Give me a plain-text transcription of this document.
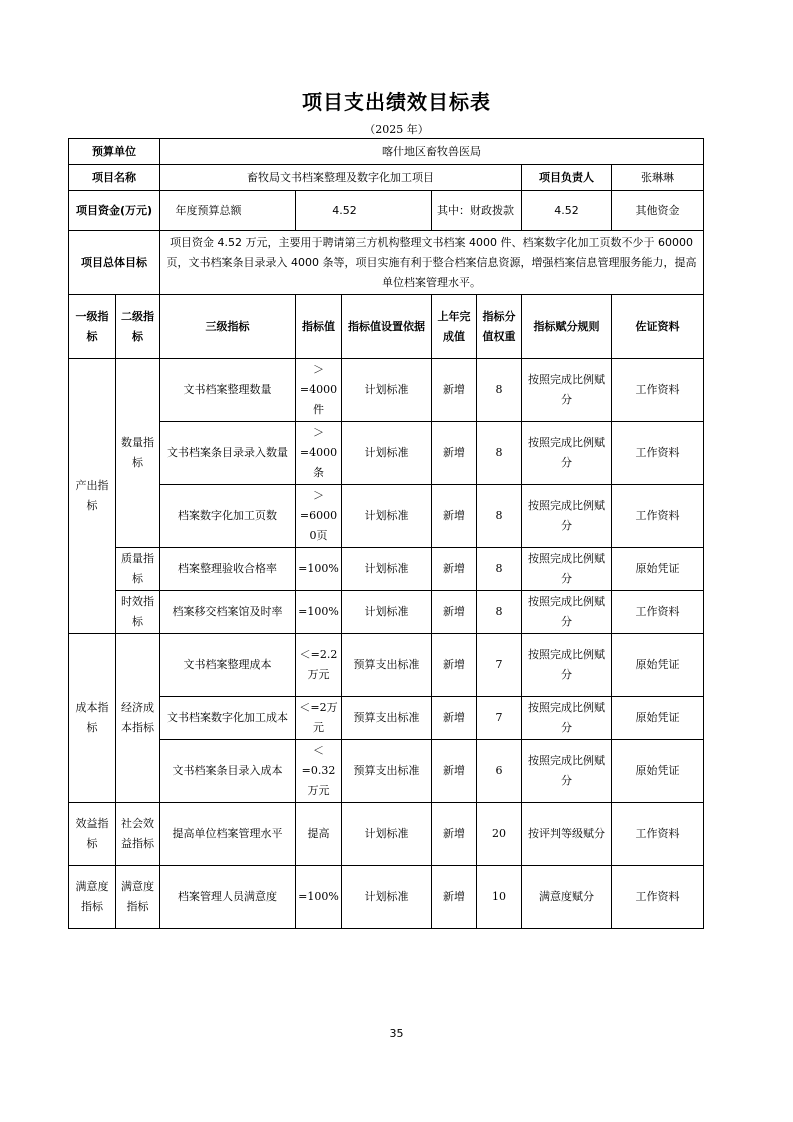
项目支出绩效目标表
（2025 年）
预算单位		喀什地区畜牧兽医局						
项目名称		畜牧局文书档案整理及数字化加工项目					项目负责人	张琳琳
项目资金(万元)		年度预算总额	4.52		其中：财政拨款		4.52	其他资金
项目总体目标		项目资金 4.52 万元，主要用于聘请第三方机构整理文书档案 4000 件、档案数字化加工页数不少于 60000 页，文书档案条目录录入 4000 条等，项目实施有利于整合档案信息资源，增强档案信息管理服务能力，提高单位档案管理水平。						
一级指标	二级指标	三级指标	指标值	指标值设置依据	上年完成值	指标分值权重	指标赋分规则	佐证资料
产出指标	数量指标	文书档案整理数量	＞=4000件	计划标准	新增	8	按照完成比例赋分	工作资料
		文书档案条目录录入数量	＞=4000条	计划标准	新增	8	按照完成比例赋分	工作资料
		档案数字化加工页数	＞=60000页	计划标准	新增	8	按照完成比例赋分	工作资料
	质量指标	档案整理验收合格率	=100%	计划标准	新增	8	按照完成比例赋分	原始凭证
	时效指标	档案移交档案馆及时率	=100%	计划标准	新增	8	按照完成比例赋分	工作资料
成本指标	经济成本指标	文书档案整理成本	＜=2.2万元	预算支出标准	新增	7	按照完成比例赋分	原始凭证
		文书档案数字化加工成本	＜=2万元	预算支出标准	新增	7	按照完成比例赋分	原始凭证
		文书档案条目录入成本	＜=0.32万元	预算支出标准	新增	6	按照完成比例赋分	原始凭证
效益指标	社会效益指标	提高单位档案管理水平	提高	计划标准	新增	20	按评判等级赋分	工作资料
满意度指标	满意度指标	档案管理人员满意度	=100%	计划标准	新增	10	满意度赋分	工作资料
35
